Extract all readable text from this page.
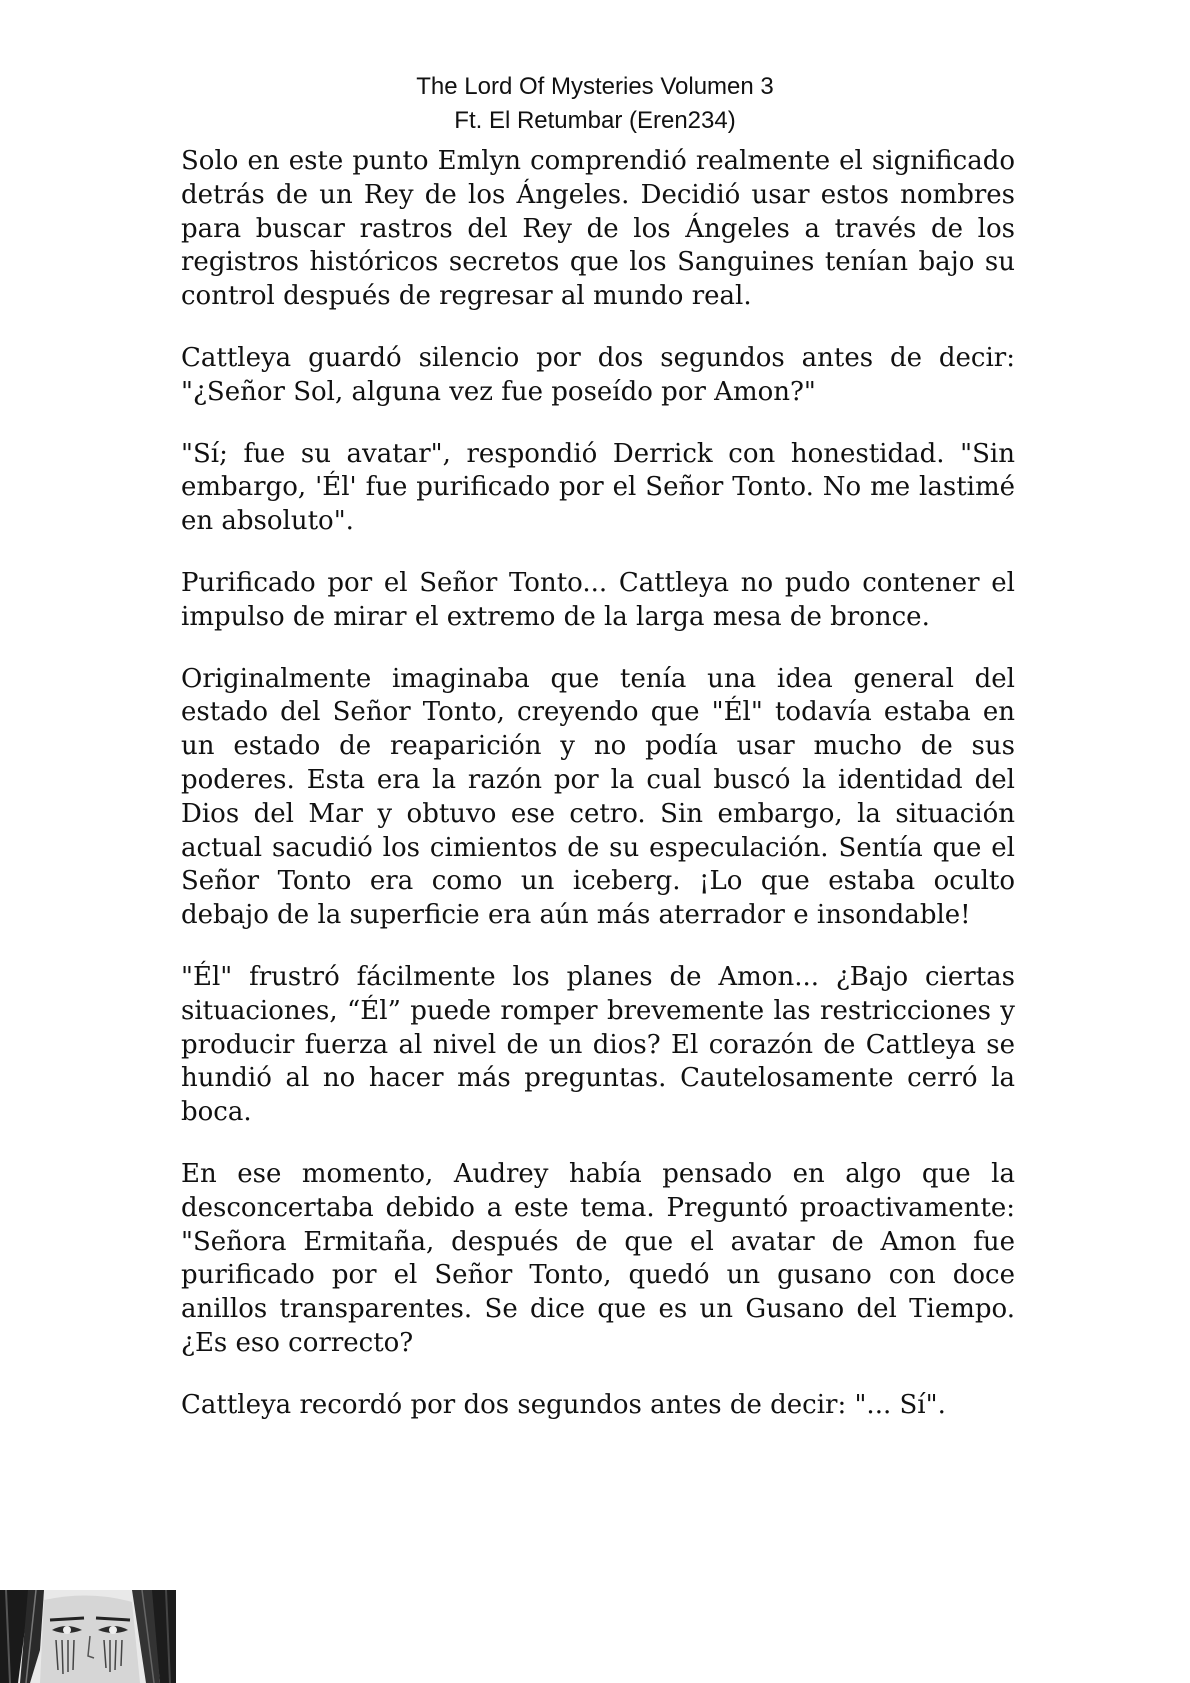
The Lord Of Mysteries Volumen 3
Ft. El Retumbar (Eren234)

Solo en este punto Emlyn comprendió realmente el significado detrás de un Rey de los Ángeles. Decidió usar estos nombres para buscar rastros del Rey de los Ángeles a través de los registros históricos secretos que los Sanguines tenían bajo su control después de regresar al mundo real.

Cattleya guardó silencio por dos segundos antes de decir: "¿Señor Sol, alguna vez fue poseído por Amon?"

"Sí; fue su avatar", respondió Derrick con honestidad. "Sin embargo, 'Él' fue purificado por el Señor Tonto. No me lastimé en absoluto".

Purificado por el Señor Tonto... Cattleya no pudo contener el impulso de mirar el extremo de la larga mesa de bronce.

Originalmente imaginaba que tenía una idea general del estado del Señor Tonto, creyendo que "Él" todavía estaba en un estado de reaparición y no podía usar mucho de sus poderes. Esta era la razón por la cual buscó la identidad del Dios del Mar y obtuvo ese cetro. Sin embargo, la situación actual sacudió los cimientos de su especulación. Sentía que el Señor Tonto era como un iceberg. ¡Lo que estaba oculto debajo de la superficie era aún más aterrador e insondable!

"Él" frustró fácilmente los planes de Amon... ¿Bajo ciertas situaciones, “Él” puede romper brevemente las restricciones y producir fuerza al nivel de un dios? El corazón de Cattleya se hundió al no hacer más preguntas. Cautelosamente cerró la boca.

En ese momento, Audrey había pensado en algo que la desconcertaba debido a este tema. Preguntó proactivamente: "Señora Ermitaña, después de que el avatar de Amon fue purificado por el Señor Tonto, quedó un gusano con doce anillos transparentes. Se dice que es un Gusano del Tiempo. ¿Es eso correcto?

Cattleya recordó por dos segundos antes de decir: "... Sí".
